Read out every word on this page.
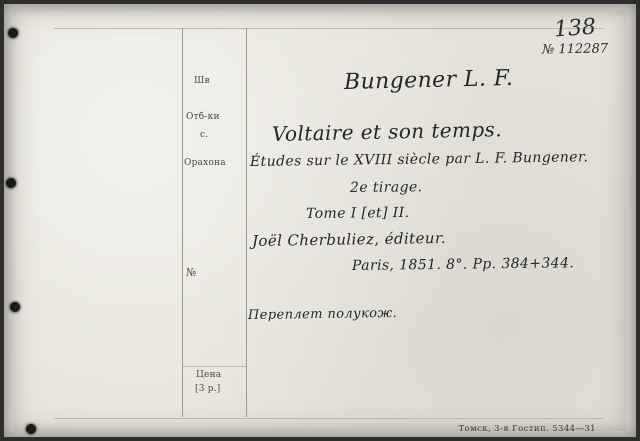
138
№ 112287
Шв
Отб-ки
с.
Орахона
№
Цена
[3 р.]
Bungener L. F.
Voltaire et son temps.
Études sur le XVIII siècle par L. F. Bungener.
2e tirage.
Tome I [et] II.
Joël Cherbuliez, éditeur.
Paris, 1851. 8°. Pp. 384+344.
Переплет полукож.
Томск, 3-я Гостип. 5344—31
